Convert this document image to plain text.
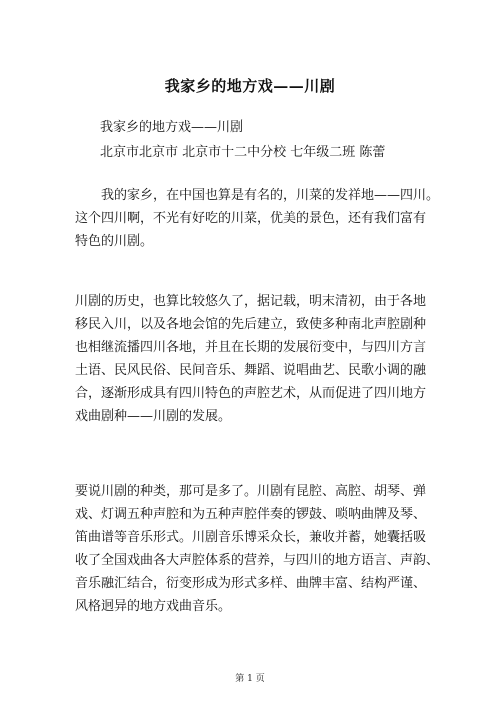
我家乡的地方戏——川剧
我家乡的地方戏——川剧
北京市北京市 北京市十二中分校 七年级二班 陈蕾
　　我的家乡，在中国也算是有名的，川菜的发祥地——四川。
这个四川啊，不光有好吃的川菜，优美的景色，还有我们富有
特色的川剧。
川剧的历史，也算比较悠久了，据记载，明末清初，由于各地
移民入川，以及各地会馆的先后建立，致使多种南北声腔剧种
也相继流播四川各地，并且在长期的发展衍变中，与四川方言
土语、民风民俗、民间音乐、舞蹈、说唱曲艺、民歌小调的融
合，逐渐形成具有四川特色的声腔艺术，从而促进了四川地方
戏曲剧种——川剧的发展。
要说川剧的种类，那可是多了。川剧有昆腔、高腔、胡琴、弹
戏、灯调五种声腔和为五种声腔伴奏的锣鼓、唢呐曲牌及琴、
笛曲谱等音乐形式。川剧音乐博采众长，兼收并蓄，她囊括吸
收了全国戏曲各大声腔体系的营养，与四川的地方语言、声韵、
音乐融汇结合，衍变形成为形式多样、曲牌丰富、结构严谨、
风格迥异的地方戏曲音乐。
第 1 页
